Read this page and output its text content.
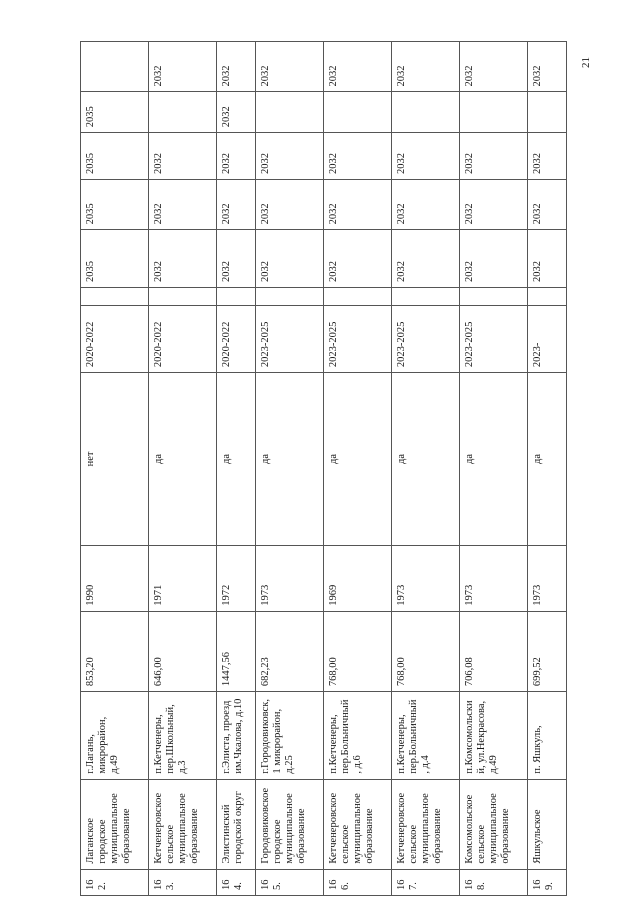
21
162.	Лаганское городское муниципальное образование	г.Лагань, микрорайон, д.49	853,20	1990	нет	2020-2022		2035	2035	2035	2035	
163.	Кетченеровское сельское муниципальное образование	п.Кетченеры, пер.Школьный, д.3	646,00	1971	да	2020-2022		2032	2032	2032		2032
164.	Элистинский городской округ	г.Элиста, проезд им.Чкалова, д.10	1447,56	1972	да	2020-2022		2032	2032	2032	2032	2032
165.	Городовиковское городское муниципальное образование	г.Городовиковск, 1 микрорайон, д.25	682,23	1973	да	2023-2025		2032	2032	2032		2032
166.	Кетченеровское сельское муниципальное образование	п.Кетченеры, пер.Больничный, д.6	768,00	1969	да	2023-2025		2032	2032	2032		2032
167.	Кетченеровское сельское муниципальное образование	п.Кетченеры, пер.Больничный, д.4	768,00	1973	да	2023-2025		2032	2032	2032		2032
168.	Комсомольское сельское муниципальное образование	п.Комсомольский, ул.Некрасова, д.49	706,08	1973	да	2023-2025		2032	2032	2032		2032
169.	Яшкульское	п. Яшкуль,	699,52	1973	да	2023-		2032	2032	2032		2032
